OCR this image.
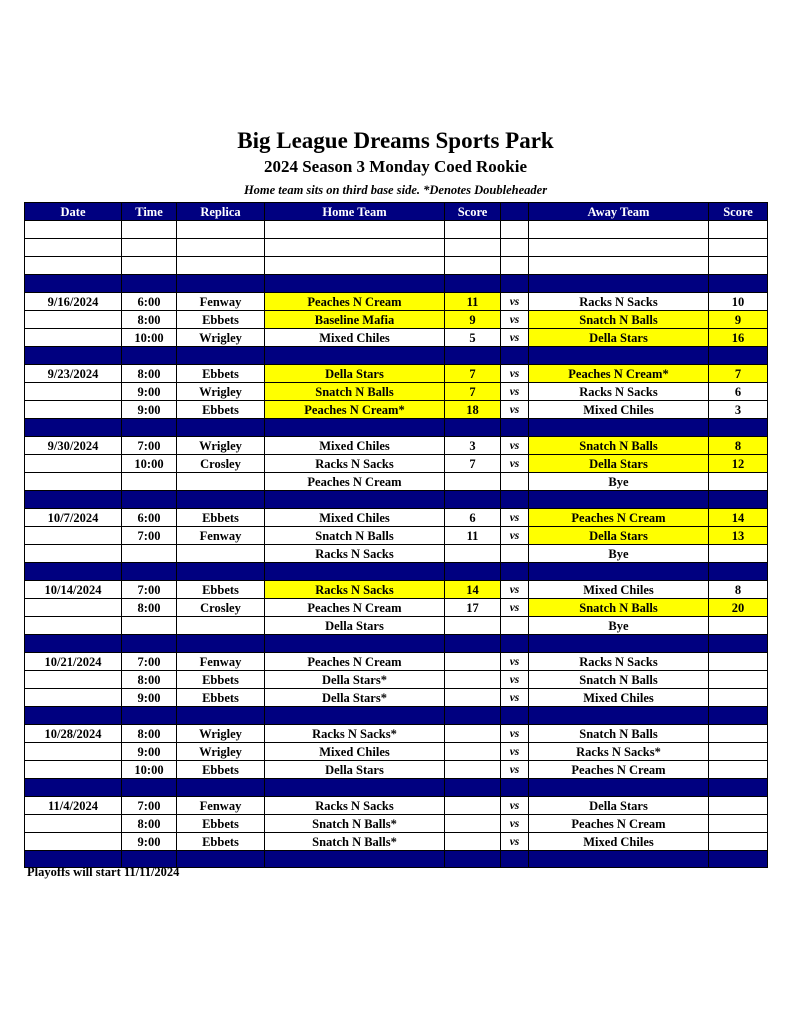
Big League Dreams Sports Park
2024 Season 3 Monday Coed Rookie
Home team sits on third base side. *Denotes Doubleheader
Date	Time	Replica	Home Team	Score		Away Team	Score

9/16/2024	6:00	Fenway	Peaches N Cream	11	vs	Racks N Sacks	10
	8:00	Ebbets	Baseline Mafia	9	vs	Snatch N Balls	9
	10:00	Wrigley	Mixed Chiles	5	vs	Della Stars	16

9/23/2024	8:00	Ebbets	Della Stars	7	vs	Peaches N Cream*	7
	9:00	Wrigley	Snatch N Balls	7	vs	Racks N Sacks	6
	9:00	Ebbets	Peaches N Cream*	18	vs	Mixed Chiles	3

9/30/2024	7:00	Wrigley	Mixed Chiles	3	vs	Snatch N Balls	8
	10:00	Crosley	Racks N Sacks	7	vs	Della Stars	12
			Peaches N Cream			Bye	

10/7/2024	6:00	Ebbets	Mixed Chiles	6	vs	Peaches N Cream	14
	7:00	Fenway	Snatch N Balls	11	vs	Della Stars	13
			Racks N Sacks			Bye	

10/14/2024	7:00	Ebbets	Racks N Sacks	14	vs	Mixed Chiles	8
	8:00	Crosley	Peaches N Cream	17	vs	Snatch N Balls	20
			Della Stars			Bye	

10/21/2024	7:00	Fenway	Peaches N Cream		vs	Racks N Sacks	
	8:00	Ebbets	Della Stars*		vs	Snatch N Balls	
	9:00	Ebbets	Della Stars*		vs	Mixed Chiles	

10/28/2024	8:00	Wrigley	Racks N Sacks*		vs	Snatch N Balls	
	9:00	Wrigley	Mixed Chiles		vs	Racks N Sacks*	
	10:00	Ebbets	Della Stars		vs	Peaches N Cream	

11/4/2024	7:00	Fenway	Racks N Sacks		vs	Della Stars	
	8:00	Ebbets	Snatch N Balls*		vs	Peaches N Cream	
	9:00	Ebbets	Snatch N Balls*		vs	Mixed Chiles	

Playoffs will start 11/11/2024
